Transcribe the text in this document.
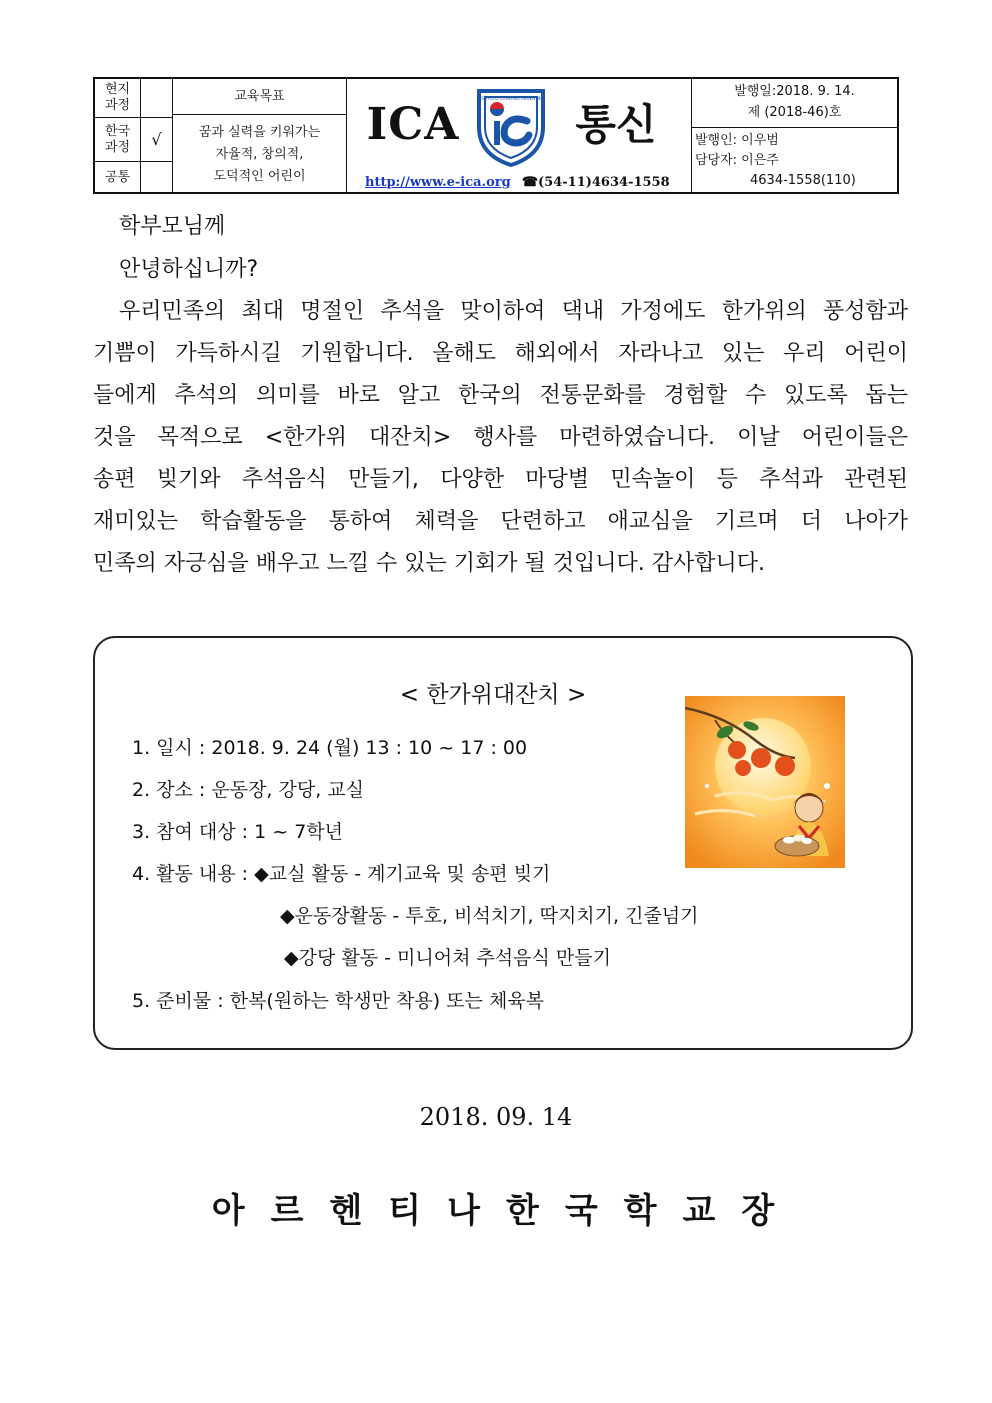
현지
과정
한국
과정
공통
√
교육목표
꿈과 실력을 키워가는
자율적, 창의적,
도덕적인 어린이
ICA
INSTITUTO COREANO ARGENTINO
통신
http://www.e-ica.org ☎(54-11)4634-1558
발행일:2018. 9. 14.
제 (2018-46)호
발행인: 이우범
담당자: 이은주
4634-1558(110)
학부모님께
안녕하십니까?
우리민족의 최대 명절인 추석을 맞이하여 댁내 가정에도 한가위의 풍성함과
기쁨이 가득하시길 기원합니다. 올해도 해외에서 자라나고 있는 우리 어린이
들에게 추석의 의미를 바로 알고 한국의 전통문화를 경험할 수 있도록 돕는
것을 목적으로 <한가위 대잔치> 행사를 마련하였습니다. 이날 어린이들은
송편 빚기와 추석음식 만들기, 다양한 마당별 민속놀이 등 추석과 관련된
재미있는 학습활동을 통하여 체력을 단련하고 애교심을 기르며 더 나아가
민족의 자긍심을 배우고 느낄 수 있는 기회가 될 것입니다. 감사합니다.
< 한가위대잔치 >
1. 일시 : 2018. 9. 24 (월) 13 : 10 ~ 17 : 00
2. 장소 : 운동장, 강당, 교실
3. 참여 대상 : 1 ~ 7학년
4. 활동 내용 : ◆교실 활동 - 계기교육 및 송편 빚기
◆운동장활동 - 투호, 비석치기, 딱지치기, 긴줄넘기
◆강당 활동 - 미니어쳐 추석음식 만들기
5. 준비물 : 한복(원하는 학생만 착용) 또는 체육복
2018. 09. 14
아르헨티나한국학교장
